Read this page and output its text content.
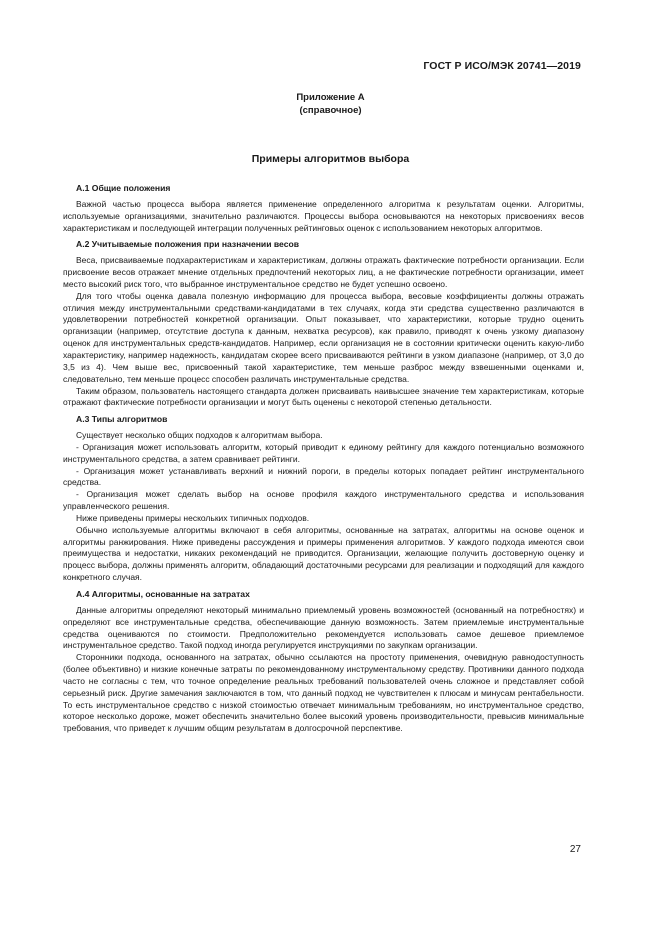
ГОСТ Р ИСО/МЭК 20741—2019
Приложение А
(справочное)
Примеры алгоритмов выбора
А.1 Общие положения

Важной частью процесса выбора является применение определенного алгоритма к результатам оценки. Алгоритмы, используемые организациями, значительно различаются. Процессы выбора основываются на некоторых присвоениях весов характеристикам и последующей интеграции полученных рейтинговых оценок с использованием некоторых алгоритмов.

А.2 Учитываемые положения при назначении весов

Веса, присваиваемые подхарактеристикам и характеристикам, должны отражать фактические потребности организации. Если присвоение весов отражает мнение отдельных предпочтений некоторых лиц, а не фактические потребности организации, имеет место высокий риск того, что выбранное инструментальное средство не будет успешно освоено.

Для того чтобы оценка давала полезную информацию для процесса выбора, весовые коэффициенты должны отражать отличия между инструментальными средствами-кандидатами в тех случаях, когда эти средства существенно различаются в удовлетворении потребностей конкретной организации. Опыт показывает, что характеристики, которые трудно оценить организации (например, отсутствие доступа к данным, нехватка ресурсов), как правило, приводят к очень узкому диапазону оценок для инструментальных средств-кандидатов. Например, если организация не в состоянии критически оценить какую-либо характеристику, например надежность, кандидатам скорее всего присваиваются рейтинги в узком диапазоне (например, от 3,0 до 3,5 из 4). Чем выше вес, присвоенный такой характеристике, тем меньше разброс между взвешенными оценками и, следовательно, тем меньше процесс способен различать инструментальные средства.

Таким образом, пользователь настоящего стандарта должен присваивать наивысшее значение тем характеристикам, которые отражают фактические потребности организации и могут быть оценены с некоторой степенью детальности.

А.3 Типы алгоритмов

Существует несколько общих подходов к алгоритмам выбора.

- Организация может использовать алгоритм, который приводит к единому рейтингу для каждого потенциально возможного инструментального средства, а затем сравнивает рейтинги.

- Организация может устанавливать верхний и нижний пороги, в пределы которых попадает рейтинг инструментального средства.

- Организация может сделать выбор на основе профиля каждого инструментального средства и использования управленческого решения.

Ниже приведены примеры нескольких типичных подходов.

Обычно используемые алгоритмы включают в себя алгоритмы, основанные на затратах, алгоритмы на основе оценок и алгоритмы ранжирования. Ниже приведены рассуждения и примеры применения алгоритмов. У каждого подхода имеются свои преимущества и недостатки, никаких рекомендаций не приводится. Организации, желающие получить достоверную оценку и процесс выбора, должны применять алгоритм, обладающий достаточными ресурсами для реализации и подходящий для каждого конкретного случая.

А.4 Алгоритмы, основанные на затратах

Данные алгоритмы определяют некоторый минимально приемлемый уровень возможностей (основанный на потребностях) и определяют все инструментальные средства, обеспечивающие данную возможность. Затем приемлемые инструментальные средства оцениваются по стоимости. Предположительно рекомендуется использовать самое дешевое приемлемое инструментальное средство. Такой подход иногда регулируется инструкциями по закупкам организации.

Сторонники подхода, основанного на затратах, обычно ссылаются на простоту применения, очевидную равнодоступность (более объективно) и низкие конечные затраты по рекомендованному инструментальному средству. Противники данного подхода часто не согласны с тем, что точное определение реальных требований пользователей очень сложное и представляет собой серьезный риск. Другие замечания заключаются в том, что данный подход не чувствителен к плюсам и минусам рентабельности. То есть инструментальное средство с низкой стоимостью отвечает минимальным требованиям, но инструментальное средство, которое несколько дороже, может обеспечить значительно более высокий уровень производительности, превысив минимальные требования, что приведет к лучшим общим результатам в долгосрочной перспективе.

27
